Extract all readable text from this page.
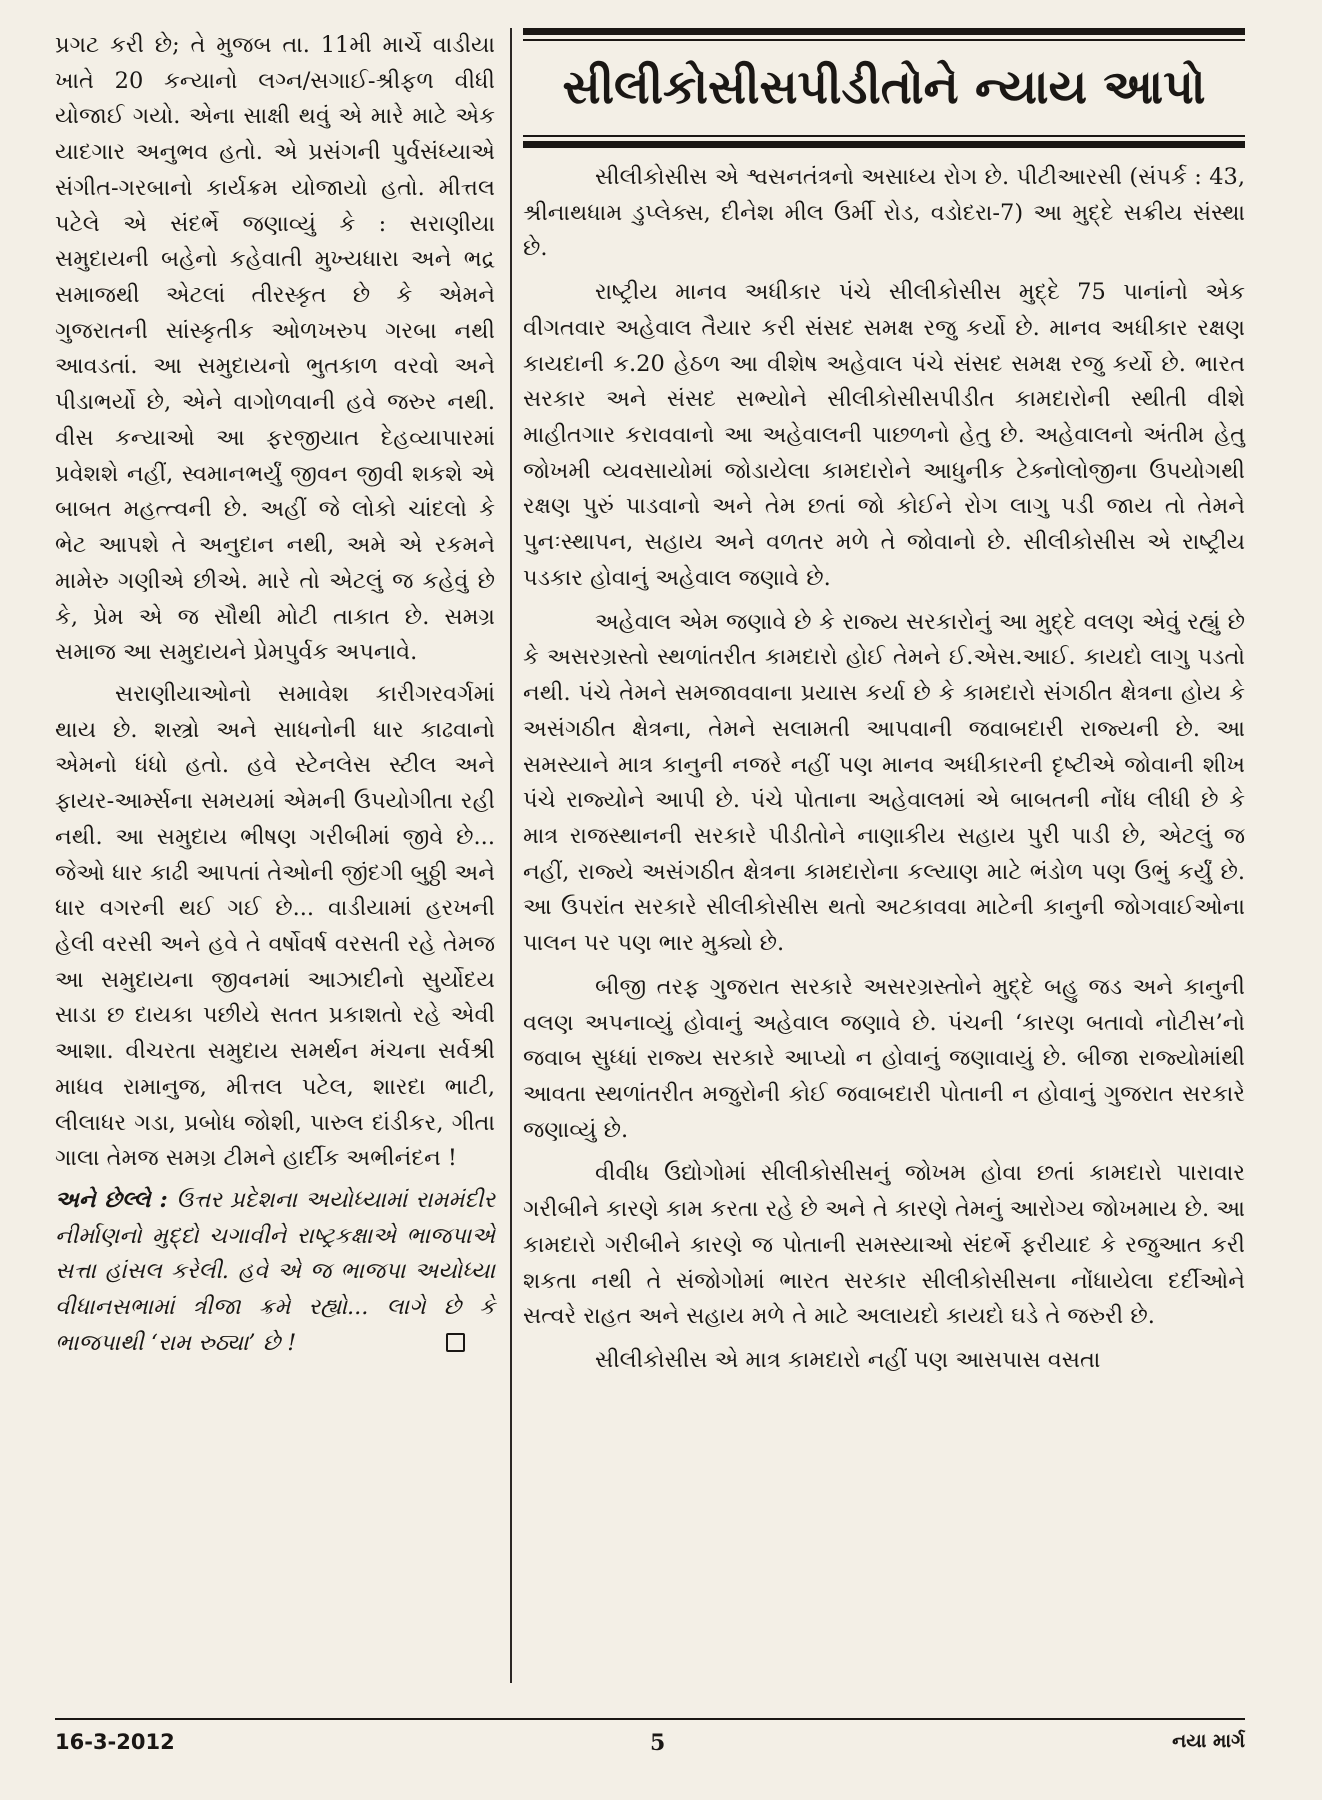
પ્રગટ કરી છે; તે મુજબ તા. 11મી માર્ચે વાડીયા ખાતે 20 કન્યાનો લગ્ન/સગાઈ-શ્રીફળ વીધી યોજાઈ ગયો. એના સાક્ષી થવું એ મારે માટે એક યાદગાર અનુભવ હતો. એ પ્રસંગની પુર્વસંધ્યાએ સંગીત-ગરબાનો કાર્યક્રમ યોજાયો હતો. મીત્તલ પટેલે એ સંદર્ભે જણાવ્યું કે : સરાણીયા સમુદાયની બહેનો કહેવાતી મુખ્યધારા અને ભદ્ર સમાજથી એટલાં તીરસ્કૃત છે કે એમને ગુજરાતની સાંસ્કૃતીક ઓળખરુપ ગરબા નથી આવડતાં. આ સમુદાયનો ભુતકાળ વરવો અને પીડાભર્યો છે, એને વાગોળવાની હવે જરુર નથી. વીસ કન્યાઓ આ ફરજીયાત દેહવ્યાપારમાં પ્રવેશશે નહીં, સ્વમાનભર્યું જીવન જીવી શકશે એ બાબત મહત્ત્વની છે. અહીં જે લોકો ચાંદલો કે ભેટ આપશે તે અનુદાન નથી, અમે એ રકમને મામેરુ ગણીએ છીએ. મારે તો એટલું જ કહેવું છે કે, પ્રેમ એ જ સૌથી મોટી તાકાત છે. સમગ્ર સમાજ આ સમુદાયને પ્રેમપુર્વક અપનાવે.

સરાણીયાઓનો સમાવેશ કારીગરવર્ગમાં થાય છે. શસ્ત્રો અને સાધનોની ધાર કાઢવાનો એમનો ધંધો હતો. હવે સ્ટેનલેસ સ્ટીલ અને ફાયર-આર્મ્સના સમયમાં એમની ઉપયોગીતા રહી નથી. આ સમુદાય ભીષણ ગરીબીમાં જીવે છે... જેઓ ધાર કાઢી આપતાં તેઓની જીંદગી બુઠ્ઠી અને ધાર વગરની થઈ ગઈ છે... વાડીયામાં હરખની હેલી વરસી અને હવે તે વર્ષોવર્ષ વરસતી રહે તેમજ આ સમુદાયના જીવનમાં આઝાદીનો સુર્યોદય સાડા છ દાયકા પછીયે સતત પ્રકાશતો રહે એવી આશા. વીચરતા સમુદાય સમર્થન મંચના સર્વશ્રી માધવ રામાનુજ, મીત્તલ પટેલ, શારદા ભાટી, લીલાધર ગડા, પ્રબોધ જોશી, પારુલ દાંડીકર, ગીતા ગાલા તેમજ સમગ્ર ટીમને હાર્દીક અભીનંદન !

અને છેલ્લે : ઉત્તર પ્રદેશના અયોધ્યામાં રામમંદીર નીર્માણનો મુદ્દો ચગાવીને રાષ્ટ્રકક્ષાએ ભાજપાએ સત્તા હાંસલ કરેલી. હવે એ જ ભાજપા અયોધ્યા વીધાનસભામાં ત્રીજા ક્રમે રહ્યો... લાગે છે કે ભાજપાથી ‘રામ રુઠ્યા’ છે !

સીલીકોસીસપીડીતોને ન્યાય આપો

સીલીકોસીસ એ શ્વસનતંત્રનો અસાધ્ય રોગ છે. પીટીઆરસી (સંપર્ક : 43, શ્રીનાથધામ ડુપ્લેક્સ, દીનેશ મીલ ઉર્મી રોડ, વડોદરા-7) આ મુદ્દે સક્રીય સંસ્થા છે.

રાષ્ટ્રીય માનવ અધીકાર પંચે સીલીકોસીસ મુદ્દે 75 પાનાંનો એક વીગતવાર અહેવાલ તૈયાર કરી સંસદ સમક્ષ રજુ કર્યો છે. માનવ અધીકાર રક્ષણ કાયદાની ક.20 હેઠળ આ વીશેષ અહેવાલ પંચે સંસદ સમક્ષ રજુ કર્યો છે. ભારત સરકાર અને સંસદ સભ્યોને સીલીકોસીસપીડીત કામદારોની સ્થીતી વીશે માહીતગાર કરાવવાનો આ અહેવાલની પાછળનો હેતુ છે. અહેવાલનો અંતીમ હેતુ જોખમી વ્યવસાયોમાં જોડાયેલા કામદારોને આધુનીક ટેક્નોલોજીના ઉપયોગથી રક્ષણ પુરું પાડવાનો અને તેમ છતાં જો કોઈને રોગ લાગુ પડી જાય તો તેમને પુનઃસ્થાપન, સહાય અને વળતર મળે તે જોવાનો છે. સીલીકોસીસ એ રાષ્ટ્રીય પડકાર હોવાનું અહેવાલ જણાવે છે.

અહેવાલ એમ જણાવે છે કે રાજ્ય સરકારોનું આ મુદ્દે વલણ એવું રહ્યું છે કે અસરગ્રસ્તો સ્થળાંતરીત કામદારો હોઈ તેમને ઈ.એસ.આઈ. કાયદો લાગુ પડતો નથી. પંચે તેમને સમજાવવાના પ્રયાસ કર્યા છે કે કામદારો સંગઠીત ક્ષેત્રના હોય કે અસંગઠીત ક્ષેત્રના, તેમને સલામતી આપવાની જવાબદારી રાજ્યની છે. આ સમસ્યાને માત્ર કાનુની નજરે નહીં પણ માનવ અધીકારની દૃષ્ટીએ જોવાની શીખ પંચે રાજ્યોને આપી છે. પંચે પોતાના અહેવાલમાં એ બાબતની નોંધ લીધી છે કે માત્ર રાજસ્થાનની સરકારે પીડીતોને નાણાકીય સહાય પુરી પાડી છે, એટલું જ નહીં, રાજ્યે અસંગઠીત ક્ષેત્રના કામદારોના કલ્યાણ માટે ભંડોળ પણ ઉભું કર્યું છે. આ ઉપરાંત સરકારે સીલીકોસીસ થતો અટકાવવા માટેની કાનુની જોગવાઈઓના પાલન પર પણ ભાર મુક્યો છે.

બીજી તરફ ગુજરાત સરકારે અસરગ્રસ્તોને મુદ્દે બહુ જડ અને કાનુની વલણ અપનાવ્યું હોવાનું અહેવાલ જણાવે છે. પંચની ‘કારણ બતાવો નોટીસ’નો જવાબ સુધ્ધાં રાજ્ય સરકારે આપ્યો ન હોવાનું જણાવાયું છે. બીજા રાજ્યોમાંથી આવતા સ્થળાંતરીત મજુરોની કોઈ જવાબદારી પોતાની ન હોવાનું ગુજરાત સરકારે જણાવ્યું છે.

વીવીધ ઉદ્યોગોમાં સીલીકોસીસનું જોખમ હોવા છતાં કામદારો પારાવાર ગરીબીને કારણે કામ કરતા રહે છે અને તે કારણે તેમનું આરોગ્ય જોખમાય છે. આ કામદારો ગરીબીને કારણે જ પોતાની સમસ્યાઓ સંદર્ભે ફરીયાદ કે રજુઆત કરી શકતા નથી તે સંજોગોમાં ભારત સરકાર સીલીકોસીસના નોંધાયેલા દર્દીઓને સત્વરે રાહત અને સહાય મળે તે માટે અલાયદો કાયદો ઘડે તે જરુરી છે.

સીલીકોસીસ એ માત્ર કામદારો નહીં પણ આસપાસ વસતા

16-3-2012	5	નયા માર્ગ
